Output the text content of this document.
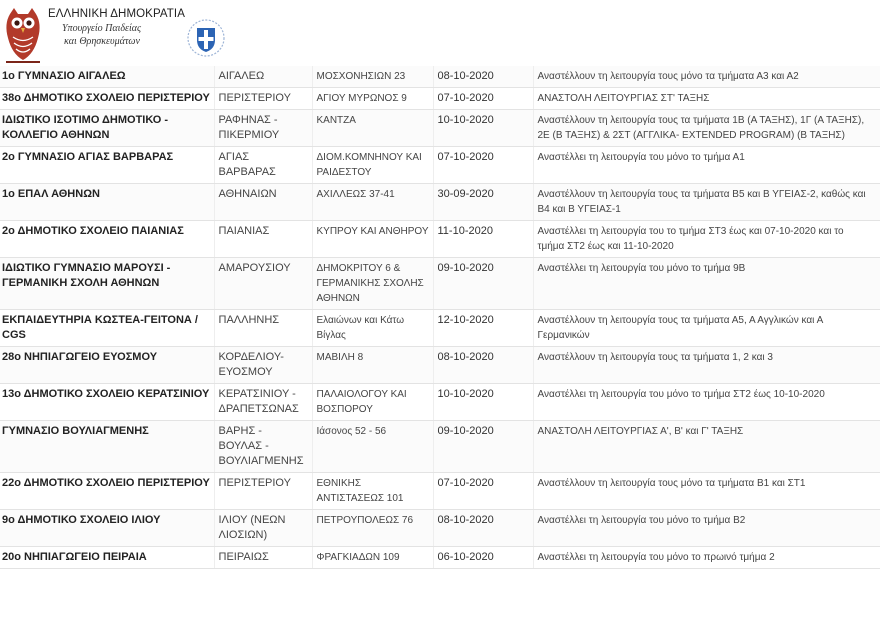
ΕΛΛΗΝΙΚΗ ΔΗΜΟΚΡΑΤΙΑ
Υπουργείο Παιδείας
και Θρησκευμάτων
1ο ΓΥΜΝΑΣΙΟ ΑΙΓΑΛΕΩ	ΑΙΓΑΛΕΩ	ΜΟΣΧΟΝΗΣΙΩΝ 23	08-10-2020	Αναστέλλουν τη λειτουργία τους μόνο τα τμήματα Α3 και Α2
38ο ΔΗΜΟΤΙΚΟ ΣΧΟΛΕΙΟ ΠΕΡΙΣΤΕΡΙΟΥ	ΠΕΡΙΣΤΕΡΙΟΥ	ΑΓΙΟΥ ΜΥΡΩΝΟΣ 9	07-10-2020	ΑΝΑΣΤΟΛΗ ΛΕΙΤΟΥΡΓΙΑΣ ΣΤ' ΤΑΞΗΣ
ΙΔΙΩΤΙΚΟ ΙΣΟΤΙΜΟ ΔΗΜΟΤΙΚΟ - ΚΟΛΛΕΓΙΟ ΑΘΗΝΩΝ	ΡΑΦΗΝΑΣ - ΠΙΚΕΡΜΙΟΥ	ΚΑΝΤΖΑ	10-10-2020	Αναστέλλουν τη λειτουργία τους τα τμήματα 1Β (Α ΤΑΞΗΣ), 1Γ (Α ΤΑΞΗΣ), 2Ε (Β ΤΑΞΗΣ) & 2ΣΤ (ΑΓΓΛΙΚΑ- EXTENDED PROGRAM) (Β ΤΑΞΗΣ)
2ο ΓΥΜΝΑΣΙΟ ΑΓΙΑΣ ΒΑΡΒΑΡΑΣ	ΑΓΙΑΣ ΒΑΡΒΑΡΑΣ	ΔΙΟΜ.ΚΟΜΝΗΝΟΥ ΚΑΙ ΡΑΙΔΕΣΤΟΥ	07-10-2020	Αναστέλλει τη λειτουργία του μόνο το τμήμα Α1
1ο ΕΠΑΛ ΑΘΗΝΩΝ	ΑΘΗΝΑΙΩΝ	ΑΧΙΛΛΕΩΣ 37-41	30-09-2020	Αναστέλλουν τη λειτουργία τους τα τμήματα Β5 και Β ΥΓΕΙΑΣ-2, καθώς και Β4 και Β ΥΓΕΙΑΣ-1
2ο ΔΗΜΟΤΙΚΟ ΣΧΟΛΕΙΟ ΠΑΙΑΝΙΑΣ	ΠΑΙΑΝΙΑΣ	ΚΥΠΡΟΥ ΚΑΙ ΑΝΘΗΡΟΥ	11-10-2020	Αναστέλλει τη λειτουργία του το τμήμα ΣΤ3 έως και 07-10-2020 και το τμήμα ΣΤ2 έως και 11-10-2020
ΙΔΙΩΤΙΚΟ ΓΥΜΝΑΣΙΟ ΜΑΡΟΥΣΙ - ΓΕΡΜΑΝΙΚΗ ΣΧΟΛΗ ΑΘΗΝΩΝ	ΑΜΑΡΟΥΣΙΟΥ	ΔΗΜΟΚΡΙΤΟΥ 6 & ΓΕΡΜΑΝΙΚΗΣ ΣΧΟΛΗΣ ΑΘΗΝΩΝ	09-10-2020	Αναστέλλει τη λειτουργία του μόνο το τμήμα 9Β
ΕΚΠΑΙΔΕΥΤΗΡΙΑ ΚΩΣΤΕΑ-ΓΕΙΤΟΝΑ / CGS	ΠΑΛΛΗΝΗΣ	Ελαιώνων και Κάτω Βίγλας	12-10-2020	Αναστέλλουν τη λειτουργία τους τα τμήματα Α5, Α Αγγλικών και Α Γερμανικών
28ο ΝΗΠΙΑΓΩΓΕΙΟ ΕΥΟΣΜΟΥ	ΚΟΡΔΕΛΙΟΥ-ΕΥΟΣΜΟΥ	ΜΑΒΙΛΗ 8	08-10-2020	Αναστέλλουν τη λειτουργία τους τα τμήματα 1, 2 και 3
13ο ΔΗΜΟΤΙΚΟ ΣΧΟΛΕΙΟ ΚΕΡΑΤΣΙΝΙΟΥ	ΚΕΡΑΤΣΙΝΙΟΥ - ΔΡΑΠΕΤΣΩΝΑΣ	ΠΑΛΑΙΟΛΟΓΟΥ ΚΑΙ ΒΟΣΠΟΡΟΥ	10-10-2020	Αναστέλλει τη λειτουργία του μόνο το τμήμα ΣΤ2 έως 10-10-2020
ΓΥΜΝΑΣΙΟ ΒΟΥΛΙΑΓΜΕΝΗΣ	ΒΑΡΗΣ - ΒΟΥΛΑΣ - ΒΟΥΛΙΑΓΜΕΝΗΣ	Ιάσονος 52 - 56	09-10-2020	ΑΝΑΣΤΟΛΗ ΛΕΙΤΟΥΡΓΙΑΣ Α', Β' και Γ' ΤΑΞΗΣ
22ο ΔΗΜΟΤΙΚΟ ΣΧΟΛΕΙΟ ΠΕΡΙΣΤΕΡΙΟΥ	ΠΕΡΙΣΤΕΡΙΟΥ	ΕΘΝΙΚΗΣ ΑΝΤΙΣΤΑΣΕΩΣ 101	07-10-2020	Αναστέλλουν τη λειτουργία τους μόνο τα τμήματα Β1 και ΣΤ1
9ο ΔΗΜΟΤΙΚΟ ΣΧΟΛΕΙΟ ΙΛΙΟΥ	ΙΛΙΟΥ (ΝΕΩΝ ΛΙΟΣΙΩΝ)	ΠΕΤΡΟΥΠΟΛΕΩΣ 76	08-10-2020	Αναστέλλει τη λειτουργία του μόνο το τμήμα Β2
20ο ΝΗΠΙΑΓΩΓΕΙΟ ΠΕΙΡΑΙΑ	ΠΕΙΡΑΙΩΣ	ΦΡΑΓΚΙΑΔΩΝ 109	06-10-2020	Αναστέλλει τη λειτουργία του μόνο το πρωινό τμήμα 2
